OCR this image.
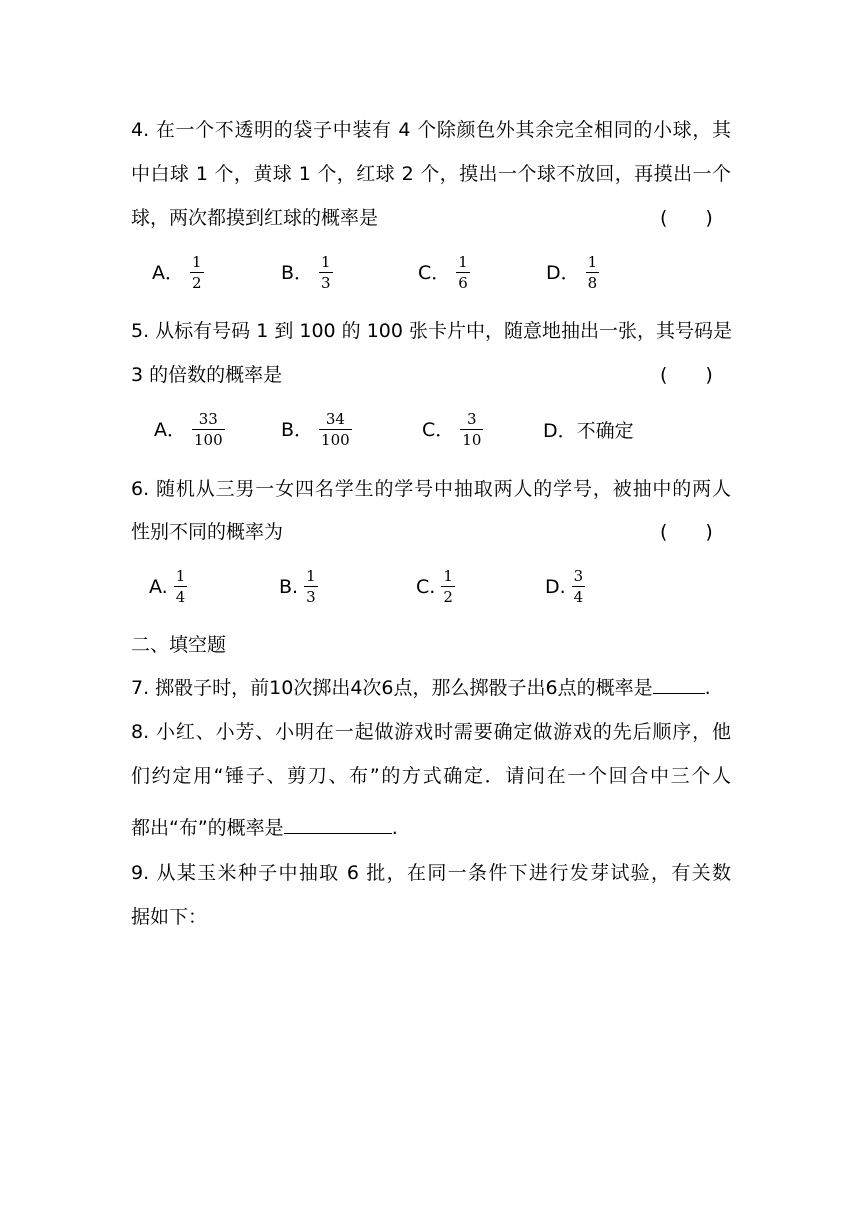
4. 在一个不透明的袋子中装有 4 个除颜色外其余完全相同的小球，其
中白球 1 个，黄球 1 个，红球 2 个，摸出一个球不放回，再摸出一个
球，两次都摸到红球的概率是	(　　)
A． $\frac{1}{2}$	B． $\frac{1}{3}$	C． $\frac{1}{6}$	D． $\frac{1}{8}$
5. 从标有号码 1 到 100 的 100 张卡片中，随意地抽出一张，其号码是
3 的倍数的概率是	(　　)
A． $\frac{33}{100}$	B． $\frac{34}{100}$	C． $\frac{3}{10}$	D．不确定
6. 随机从三男一女四名学生的学号中抽取两人的学号，被抽中的两人
性别不同的概率为	(　　)
A. $\frac{1}{4}$	B. $\frac{1}{3}$	C. $\frac{1}{2}$	D. $\frac{3}{4}$
二、填空题
7. 掷骰子时，前10次掷出4次6点，那么掷骰子出6点的概率是	.
8. 小红、小芳、小明在一起做游戏时需要确定做游戏的先后顺序，他
们约定用“锤子、剪刀、布”的方式确定．请问在一个回合中三个人
都出“布”的概率是	.
9. 从某玉米种子中抽取 6 批，在同一条件下进行发芽试验，有关数
据如下：
